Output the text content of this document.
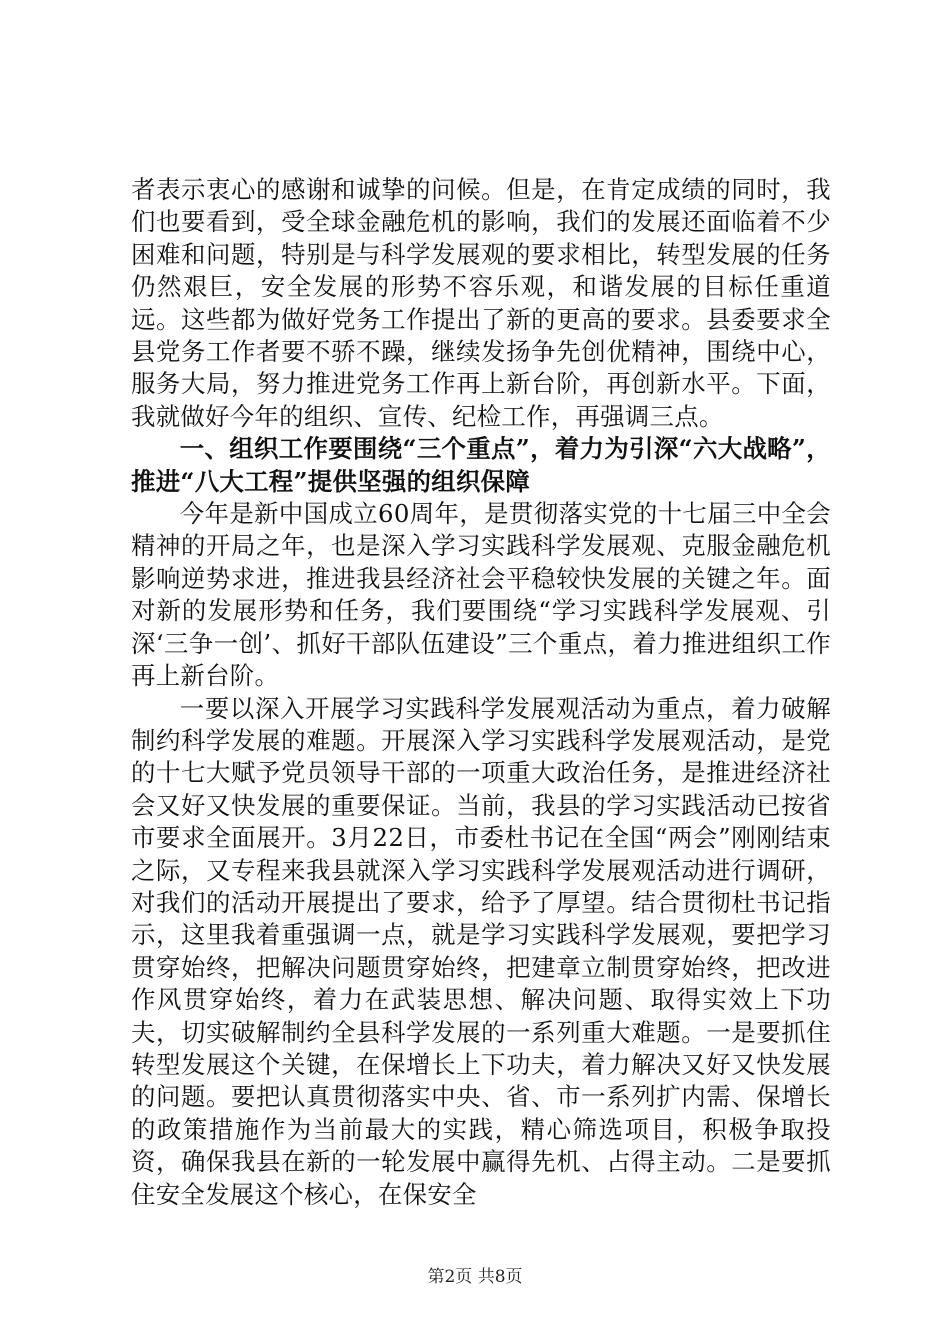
者表示衷心的感谢和诚挚的问候。但是，在肯定成绩的同时，我们也要看到，受全球金融危机的影响，我们的发展还面临着不少困难和问题，特别是与科学发展观的要求相比，转型发展的任务仍然艰巨，安全发展的形势不容乐观，和谐发展的目标任重道远。这些都为做好党务工作提出了新的更高的要求。县委要求全县党务工作者要不骄不躁，继续发扬争先创优精神，围绕中心，服务大局，努力推进党务工作再上新台阶，再创新水平。下面，我就做好今年的组织、宣传、纪检工作，再强调三点。

一、组织工作要围绕“三个重点”，着力为引深“六大战略”，推进“八大工程”提供坚强的组织保障

今年是新中国成立60周年，是贯彻落实党的十七届三中全会精神的开局之年，也是深入学习实践科学发展观、克服金融危机影响逆势求进，推进我县经济社会平稳较快发展的关键之年。面对新的发展形势和任务，我们要围绕“学习实践科学发展观、引深‘三争一创’、抓好干部队伍建设”三个重点，着力推进组织工作再上新台阶。

一要以深入开展学习实践科学发展观活动为重点，着力破解制约科学发展的难题。开展深入学习实践科学发展观活动，是党的十七大赋予党员领导干部的一项重大政治任务，是推进经济社会又好又快发展的重要保证。当前，我县的学习实践活动已按省市要求全面展开。3月22日，市委杜书记在全国“两会”刚刚结束之际，又专程来我县就深入学习实践科学发展观活动进行调研，对我们的活动开展提出了要求，给予了厚望。结合贯彻杜书记指示，这里我着重强调一点，就是学习实践科学发展观，要把学习贯穿始终，把解决问题贯穿始终，把建章立制贯穿始终，把改进作风贯穿始终，着力在武装思想、解决问题、取得实效上下功夫，切实破解制约全县科学发展的一系列重大难题。一是要抓住转型发展这个关键，在保增长上下功夫，着力解决又好又快发展的问题。要把认真贯彻落实中央、省、市一系列扩内需、保增长的政策措施作为当前最大的实践，精心筛选项目，积极争取投资，确保我县在新的一轮发展中赢得先机、占得主动。二是要抓住安全发展这个核心，在保安全

第2页 共8页
